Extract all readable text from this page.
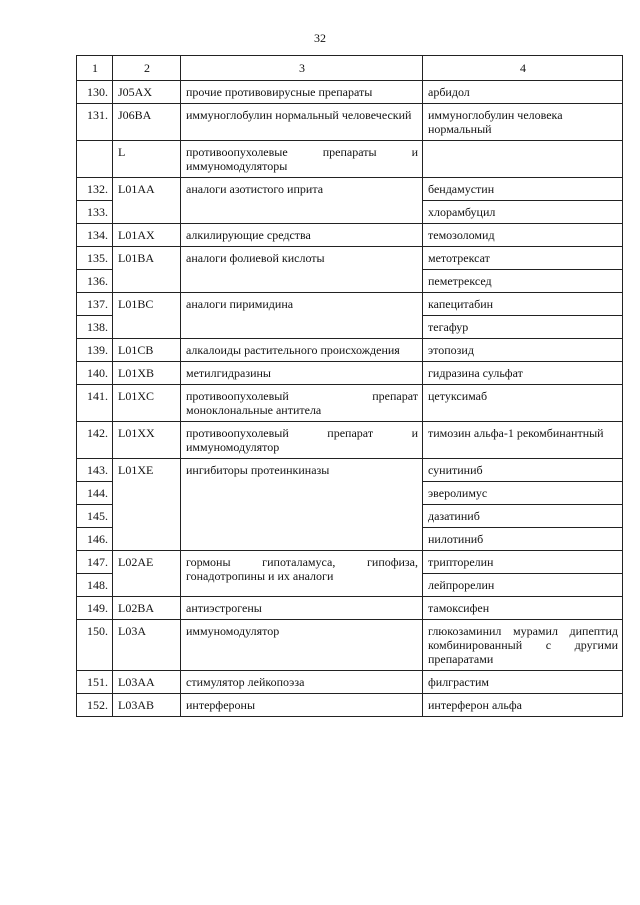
32
1	2	3	4
130.	J05AX	прочие противовирусные препараты	арбидол
131.	J06BA	иммуноглобулин нормальный человеческий	иммуноглобулин человека нормальный
	L	противоопухолевые препараты и иммуномодуляторы	
132.	L01AA	аналоги азотистого иприта	бендамустин
133.			хлорамбуцил
134.	L01AX	алкилирующие средства	темозоломид
135.	L01BA	аналоги фолиевой кислоты	метотрексат
136.			пеметрексед
137.	L01BC	аналоги пиримидина	капецитабин
138.			тегафур
139.	L01CB	алкалоиды растительного происхождения	этопозид
140.	L01XB	метилгидразины	гидразина сульфат
141.	L01XC	противоопухолевый препарат моноклональные антитела	цетуксимаб
142.	L01XX	противоопухолевый препарат и иммуномодулятор	тимозин альфа-1 рекомбинантный
143.	L01XE	ингибиторы протеинкиназы	сунитиниб
144.			эверолимус
145.			дазатиниб
146.			нилотиниб
147.	L02AE	гормоны гипоталамуса, гипофиза, гонадотропины и их аналоги	трипторелин
148.			лейпрорелин
149.	L02BA	антиэстрогены	тамоксифен
150.	L03A	иммуномодулятор	глюкозаминил мурамил дипептид комбинированный с другими препаратами
151.	L03AA	стимулятор лейкопоэза	филграстим
152.	L03AB	интерфероны	интерферон альфа
